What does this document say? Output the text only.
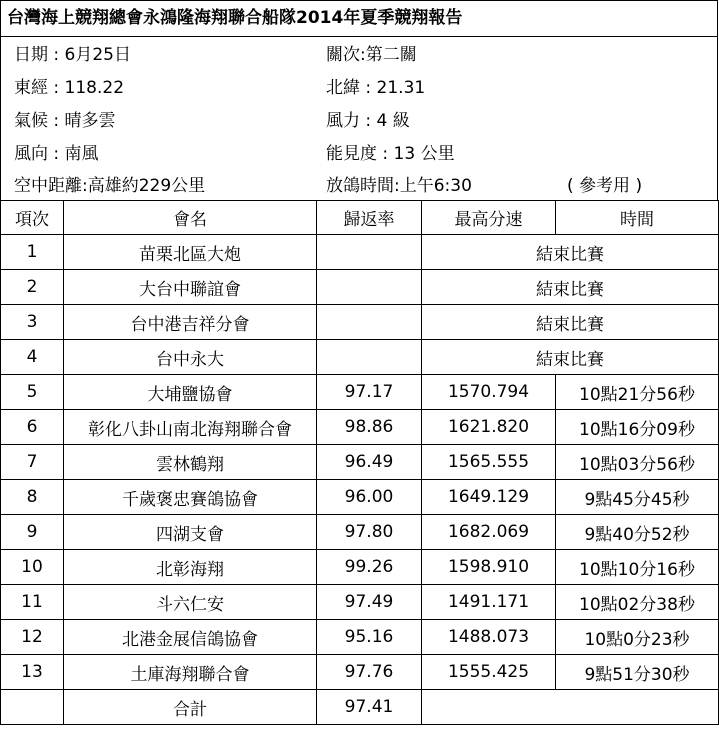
台灣海上競翔總會永鴻隆海翔聯合船隊2014年夏季競翔報告
日期 : 6月25日	關次:第二關
東經 : 118.22	北緯 : 21.31
氣候 : 晴多雲	風力 : 4 級
風向 : 南風	能見度 : 13 公里
空中距離:高雄約229公里	放鴿時間:上午6:30	( 參考用 )
項次	會名	歸返率	最高分速	時間
1	苗栗北區大炮		結束比賽	
2	大台中聯誼會		結束比賽	
3	台中港吉祥分會		結束比賽	
4	台中永大		結束比賽	
5	大埔鹽協會	97.17	1570.794	10點21分56秒
6	彰化八卦山南北海翔聯合會	98.86	1621.820	10點16分09秒
7	雲林鶴翔	96.49	1565.555	10點03分56秒
8	千歲褒忠賽鴿協會	96.00	1649.129	9點45分45秒
9	四湖支會	97.80	1682.069	9點40分52秒
10	北彰海翔	99.26	1598.910	10點10分16秒
11	斗六仁安	97.49	1491.171	10點02分38秒
12	北港金展信鴿協會	95.16	1488.073	10點0分23秒
13	土庫海翔聯合會	97.76	1555.425	9點51分30秒
	合計	97.41		
